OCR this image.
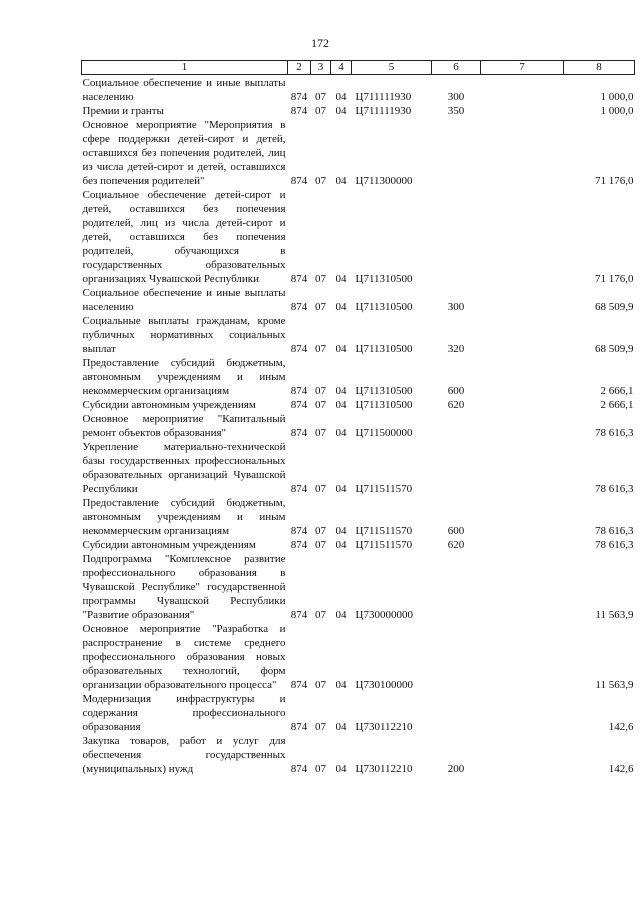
172
1	2	3	4	5	6	7	8
Социальное обеспечение и иные выплаты населению	874	07	04	Ц711111930	300		1 000,0
Премии и гранты	874	07	04	Ц711111930	350		1 000,0
Основное мероприятие "Мероприятия в сфере поддержки детей-сирот и детей, оставшихся без попечения родителей, лиц из числа детей-сирот и детей, оставшихся без попечения родителей"	874	07	04	Ц711300000			71 176,0
Социальное обеспечение детей-сирот и детей, оставшихся без попечения родителей, лиц из числа детей-сирот и детей, оставшихся без попечения родителей, обучающихся в государственных образовательных организациях Чувашской Республики	874	07	04	Ц711310500			71 176,0
Социальное обеспечение и иные выплаты населению	874	07	04	Ц711310500	300		68 509,9
Социальные выплаты гражданам, кроме публичных нормативных социальных выплат	874	07	04	Ц711310500	320		68 509,9
Предоставление субсидий бюджетным, автономным учреждениям и иным некоммерческим организациям	874	07	04	Ц711310500	600		2 666,1
Субсидии автономным учреждениям	874	07	04	Ц711310500	620		2 666,1
Основное мероприятие "Капитальный ремонт объектов образования"	874	07	04	Ц711500000			78 616,3
Укрепление материально-технической базы государственных профессиональных образовательных организаций Чувашской Республики	874	07	04	Ц711511570			78 616,3
Предоставление субсидий бюджетным, автономным учреждениям и иным некоммерческим организациям	874	07	04	Ц711511570	600		78 616,3
Субсидии автономным учреждениям	874	07	04	Ц711511570	620		78 616,3
Подпрограмма "Комплексное развитие профессионального образования в Чувашской Республике" государственной программы Чувашской Республики "Развитие образования"	874	07	04	Ц730000000			11 563,9
Основное мероприятие "Разработка и распространение в системе среднего профессионального образования новых образовательных технологий, форм организации образовательного процесса"	874	07	04	Ц730100000			11 563,9
Модернизация инфраструктуры и содержания профессионального образования	874	07	04	Ц730112210			142,6
Закупка товаров, работ и услуг для обеспечения государственных (муниципальных) нужд	874	07	04	Ц730112210	200		142,6
